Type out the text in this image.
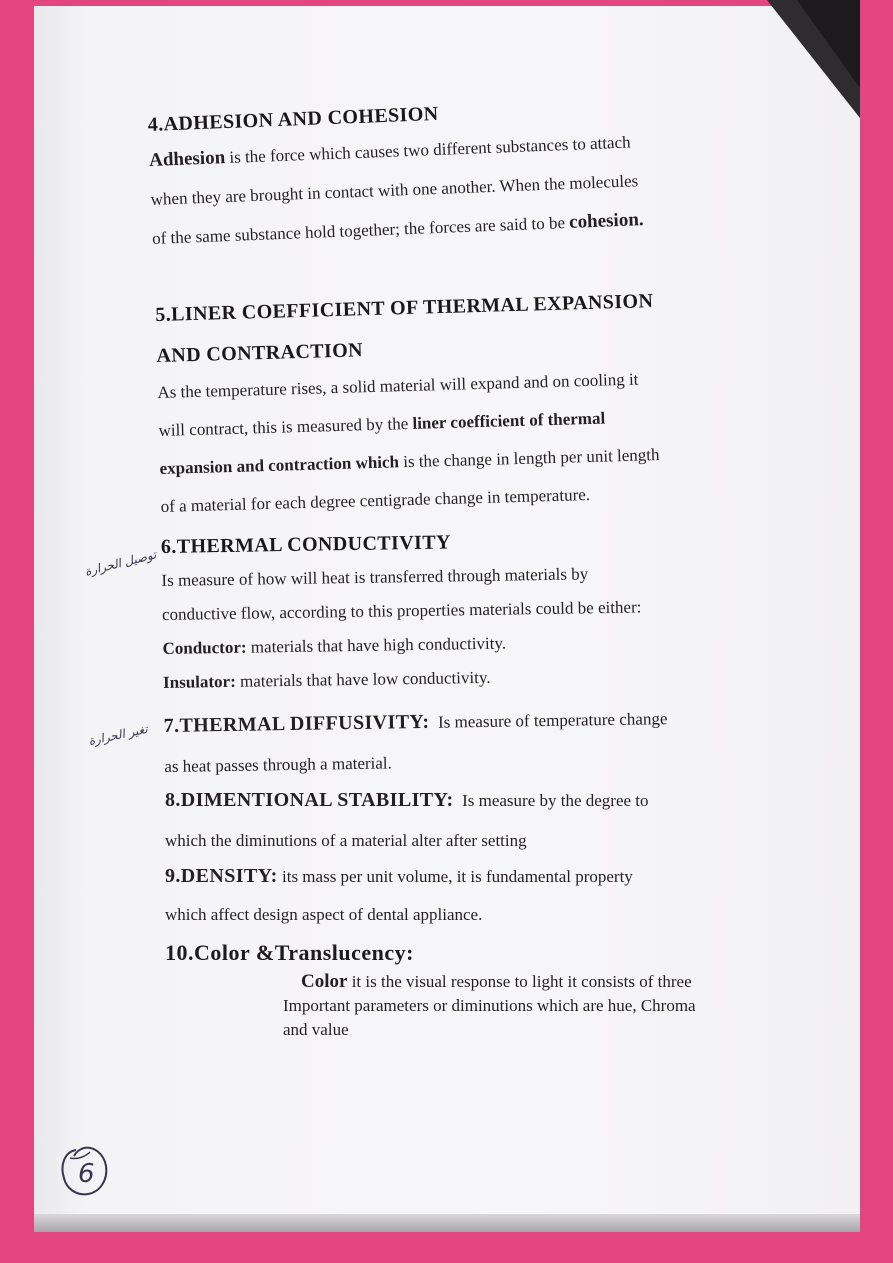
4.ADHESION AND COHESION
Adhesion is the force which causes two different substances to attach
when they are brought in contact with one another. When the molecules
of the same substance hold together; the forces are said to be cohesion.
5.LINER COEFFICIENT OF THERMAL EXPANSION
AND CONTRACTION
As the temperature rises, a solid material will expand and on cooling it
will contract, this is measured by the liner coefficient of thermal
expansion and contraction which is the change in length per unit length
of a material for each degree centigrade change in temperature.
6.THERMAL CONDUCTIVITY
Is measure of how will heat is transferred through materials by
conductive flow, according to this properties materials could be either:
Conductor: materials that have high conductivity.
Insulator: materials that have low conductivity.
7.THERMAL DIFFUSIVITY: Is measure of temperature change
as heat passes through a material.
8.DIMENTIONAL STABILITY: Is measure by the degree to
which the diminutions of a material alter after setting
9.DENSITY: its mass per unit volume, it is fundamental property
which affect design aspect of dental appliance.
10.Color &Translucency:
Color it is the visual response to light it consists of three
Important parameters or diminutions which are hue, Chroma
and value
توصيل الحرارة
تغير الحرارة
6
